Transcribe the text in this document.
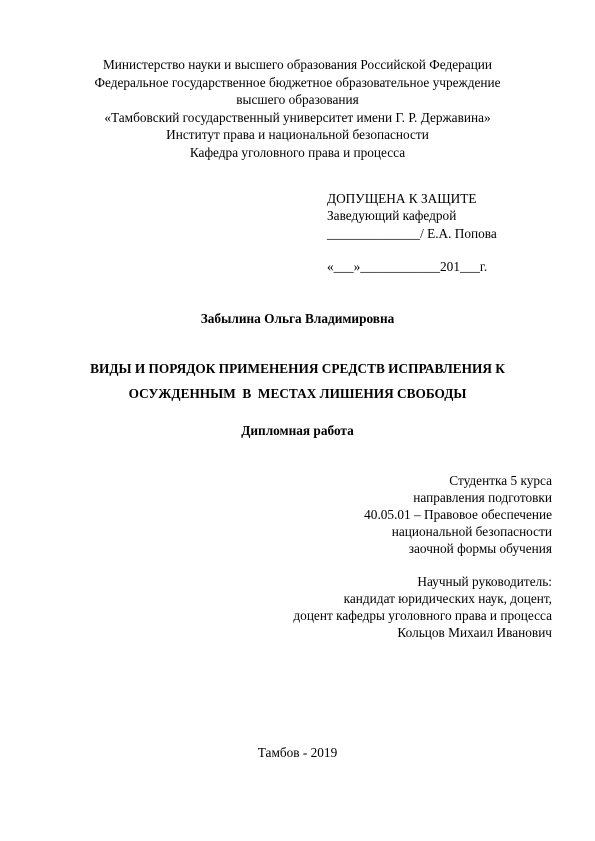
Министерство науки и высшего образования Российской Федерации
Федеральное государственное бюджетное образовательное учреждение
высшего образования
«Тамбовский государственный университет имени Г. Р. Державина»
Институт права и национальной безопасности
Кафедра уголовного права и процесса
ДОПУЩЕНА К ЗАЩИТЕ
Заведующий кафедрой
______________/ Е.А. Попова
«___»____________201___г.
Забылина Ольга Владимировна
ВИДЫ И ПОРЯДОК ПРИМЕНЕНИЯ СРЕДСТВ ИСПРАВЛЕНИЯ К
ОСУЖДЕННЫМ  В  МЕСТАХ ЛИШЕНИЯ СВОБОДЫ
Дипломная работа
Студентка 5 курса
направления подготовки
40.05.01 – Правовое обеспечение
национальной безопасности
заочной формы обучения
Научный руководитель:
кандидат юридических наук, доцент,
доцент кафедры уголовного права и процесса
Кольцов Михаил Иванович
Тамбов - 2019
